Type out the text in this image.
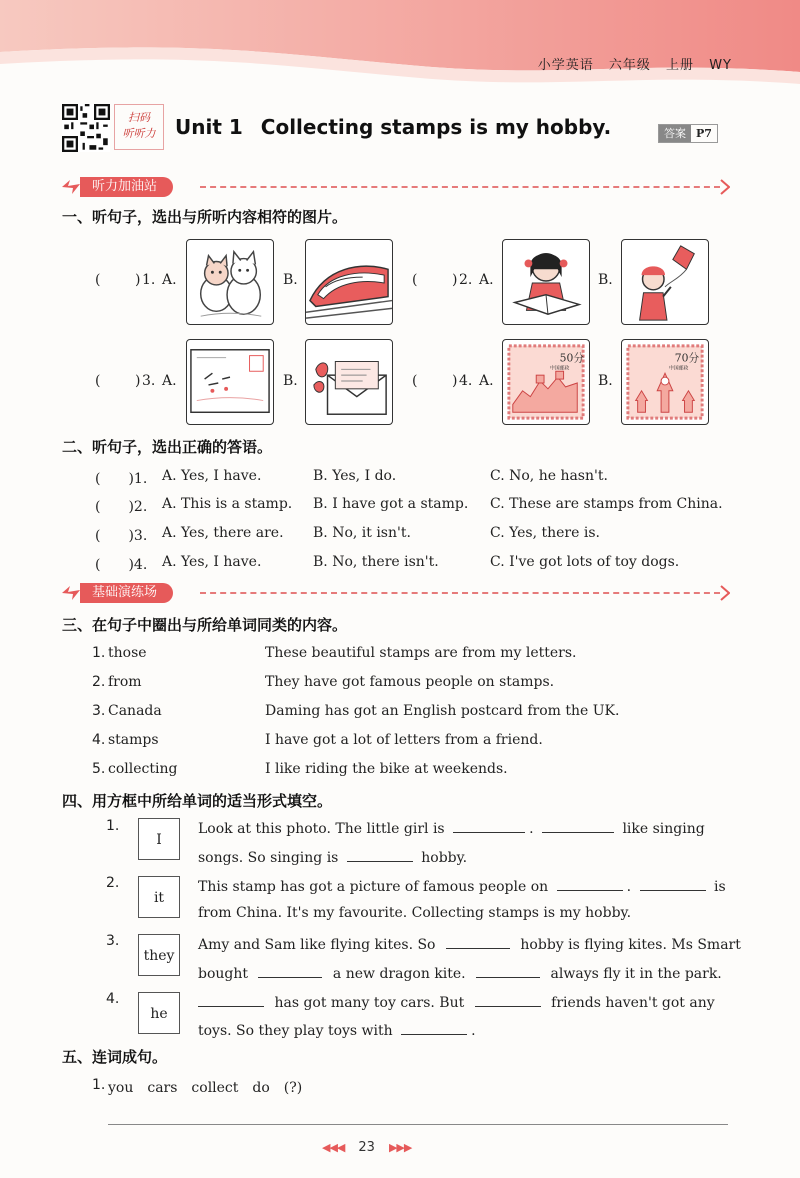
小学英语 六年级 上册 WY
扫码
听听力 Unit 1 Collecting stamps is my hobby.	答案 P7
听力加油站
一、听句子，选出与所听内容相符的图片。
( ) 1. A.	B.	( ) 2. A.	B.
( ) 3. A.	B.	( ) 4. A.
50分
中国邮政
B.
70分
中国邮政
二、听句子，选出正确的答语。
(　　)1. A. Yes, I have.	B. Yes, I do.	C. No, he hasn't.
(　　)2. A. This is a stamp. B. I have got a stamp. C. These are stamps from China.
(　　)3. A. Yes, there are. B. No, it isn't.	C. Yes, there is.
(　　)4. A. Yes, I have.	B. No, there isn't.	C. I've got lots of toy dogs.
基础演练场
三、在句子中圈出与所给单词同类的内容。
1. those	These beautiful stamps are from my letters.
2. from	They have got famous people on stamps.
3. Canada	Daming has got an English postcard from the UK.
4. stamps	I have got a lot of letters from a friend.
5. collecting	I like riding the bike at weekends.
四、用方框中所给单词的适当形式填空。
1.
I
Look at this photo. The little girl is	.	like singing
songs. So singing is	hobby.
2.
it
This stamp has got a picture of famous people on	.	is
from China. It's my favourite. Collecting stamps is my hobby.
3.
they
Amy and Sam like flying kites. So	hobby is flying kites. Ms Smart
bought	a new dragon kite.	always fly it in the park.
4.
he
has got many toy cars. But	friends haven't got any
toys. So they play toys with	.
五、连词成句。
1. you　cars　collect　do　(?)
◀◀◀ 23 ▶▶▶
